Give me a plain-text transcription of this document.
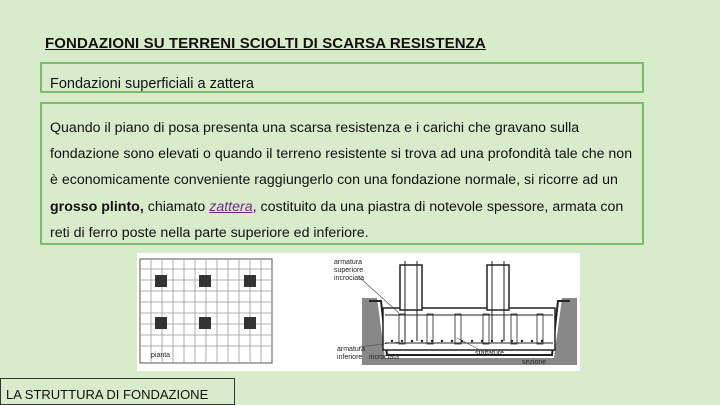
FONDAZIONI SU TERRENI SCIOLTI DI SCARSA RESISTENZA
Fondazioni superficiali a zattera
Quando il piano di posa presenta una scarsa resistenza e i carichi che gravano sulla fondazione sono elevati o quando il terreno resistente si trova ad una profondità tale che non è economicamente conveniente raggiungerlo con una fondazione normale, si ricorre ad un grosso plinto, chiamato zattera, costituito da una piastra di notevole spessore, armata con reti di ferro poste nella parte superiore ed inferiore.
pianta
armatura
superiore
incrociata
armatura
inferiore incrociata
staffature
sezione
LA STRUTTURA DI FONDAZIONE
